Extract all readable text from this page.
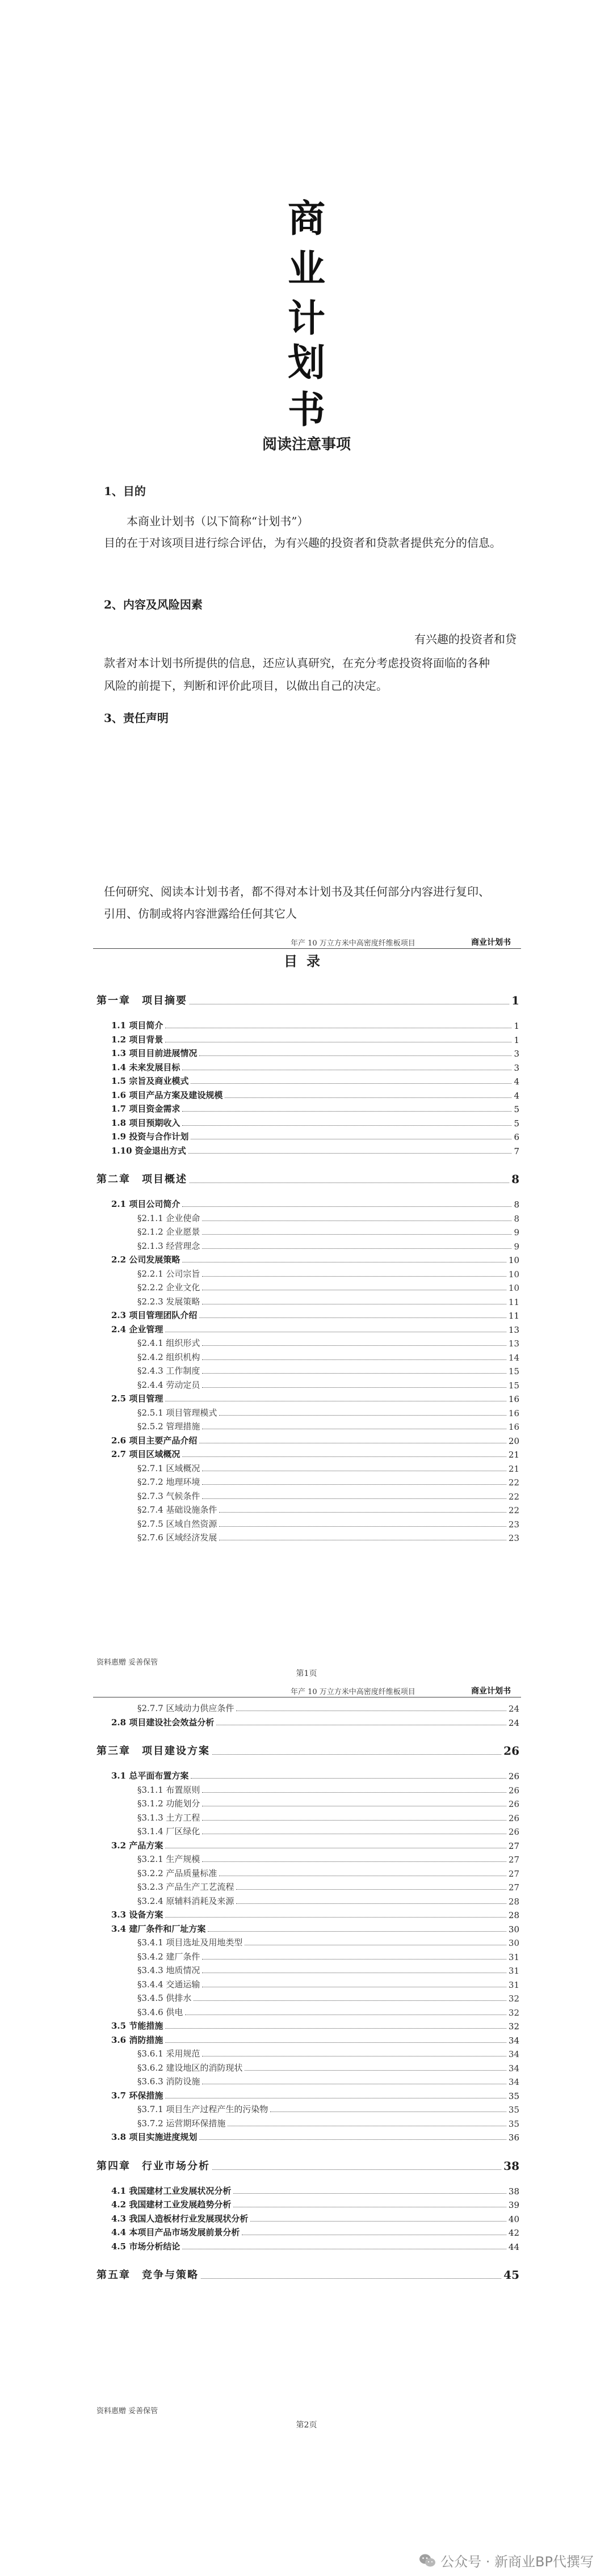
商
业
计
划
书
阅读注意事项
1、目的
本商业计划书（以下简称“计划书”）
目的在于对该项目进行综合评估，为有兴趣的投资者和贷款者提供充分的信息。
2、内容及风险因素
有兴趣的投资者和贷
款者对本计划书所提供的信息，还应认真研究，在充分考虑投资将面临的各种
风险的前提下，判断和评价此项目，以做出自己的决定。
3、责任声明
任何研究、阅读本计划书者，都不得对本计划书及其任何部分内容进行复印、
引用、仿制或将内容泄露给任何其它人
年产 10 万立方米中高密度纤维板项目	商业计划书
目录
第一章　项目摘要	1
1.1 项目简介	1
1.2 项目背景	1
1.3 项目目前进展情况	3
1.4 未来发展目标	3
1.5 宗旨及商业模式	4
1.6 项目产品方案及建设规模	4
1.7 项目资金需求	5
1.8 项目预期收入	5
1.9 投资与合作计划	6
1.10 资金退出方式	7
第二章　项目概述	8
2.1 项目公司简介	8
§2.1.1 企业使命	8
§2.1.2 企业愿景	9
§2.1.3 经营理念	9
2.2 公司发展策略	10
§2.2.1 公司宗旨	10
§2.2.2 企业文化	10
§2.2.3 发展策略	11
2.3 项目管理团队介绍	11
2.4 企业管理	13
§2.4.1 组织形式	13
§2.4.2 组织机构	14
§2.4.3 工作制度	15
§2.4.4 劳动定员	15
2.5 项目管理	16
§2.5.1 项目管理模式	16
§2.5.2 管理措施	16
2.6 项目主要产品介绍	20
2.7 项目区域概况	21
§2.7.1 区域概况	21
§2.7.2 地理环境	22
§2.7.3 气候条件	22
§2.7.4 基础设施条件	22
§2.7.5 区域自然资源	23
§2.7.6 区域经济发展	23
资料惠赠 妥善保管
第1页
年产 10 万立方米中高密度纤维板项目	商业计划书
§2.7.7 区域动力供应条件	24
2.8 项目建设社会效益分析	24
第三章　项目建设方案	26
3.1 总平面布置方案	26
§3.1.1 布置原则	26
§3.1.2 功能划分	26
§3.1.3 土方工程	26
§3.1.4 厂区绿化	26
3.2 产品方案	27
§3.2.1 生产规模	27
§3.2.2 产品质量标准	27
§3.2.3 产品生产工艺流程	27
§3.2.4 原辅料消耗及来源	28
3.3 设备方案	28
3.4 建厂条件和厂址方案	30
§3.4.1 项目选址及用地类型	30
§3.4.2 建厂条件	31
§3.4.3 地质情况	31
§3.4.4 交通运输	31
§3.4.5 供排水	32
§3.4.6 供电	32
3.5 节能措施	32
3.6 消防措施	34
§3.6.1 采用规范	34
§3.6.2 建设地区的消防现状	34
§3.6.3 消防设施	34
3.7 环保措施	35
§3.7.1 项目生产过程产生的污染物	35
§3.7.2 运营期环保措施	35
3.8 项目实施进度规划	36
第四章　行业市场分析	38
4.1 我国建材工业发展状况分析	38
4.2 我国建材工业发展趋势分析	39
4.3 我国人造板材行业发展现状分析	40
4.4 本项目产品市场发展前景分析	42
4.5 市场分析结论	44
第五章　竞争与策略	45
资料惠赠 妥善保管
第2页
公众号 · 新商业BP代撰写
